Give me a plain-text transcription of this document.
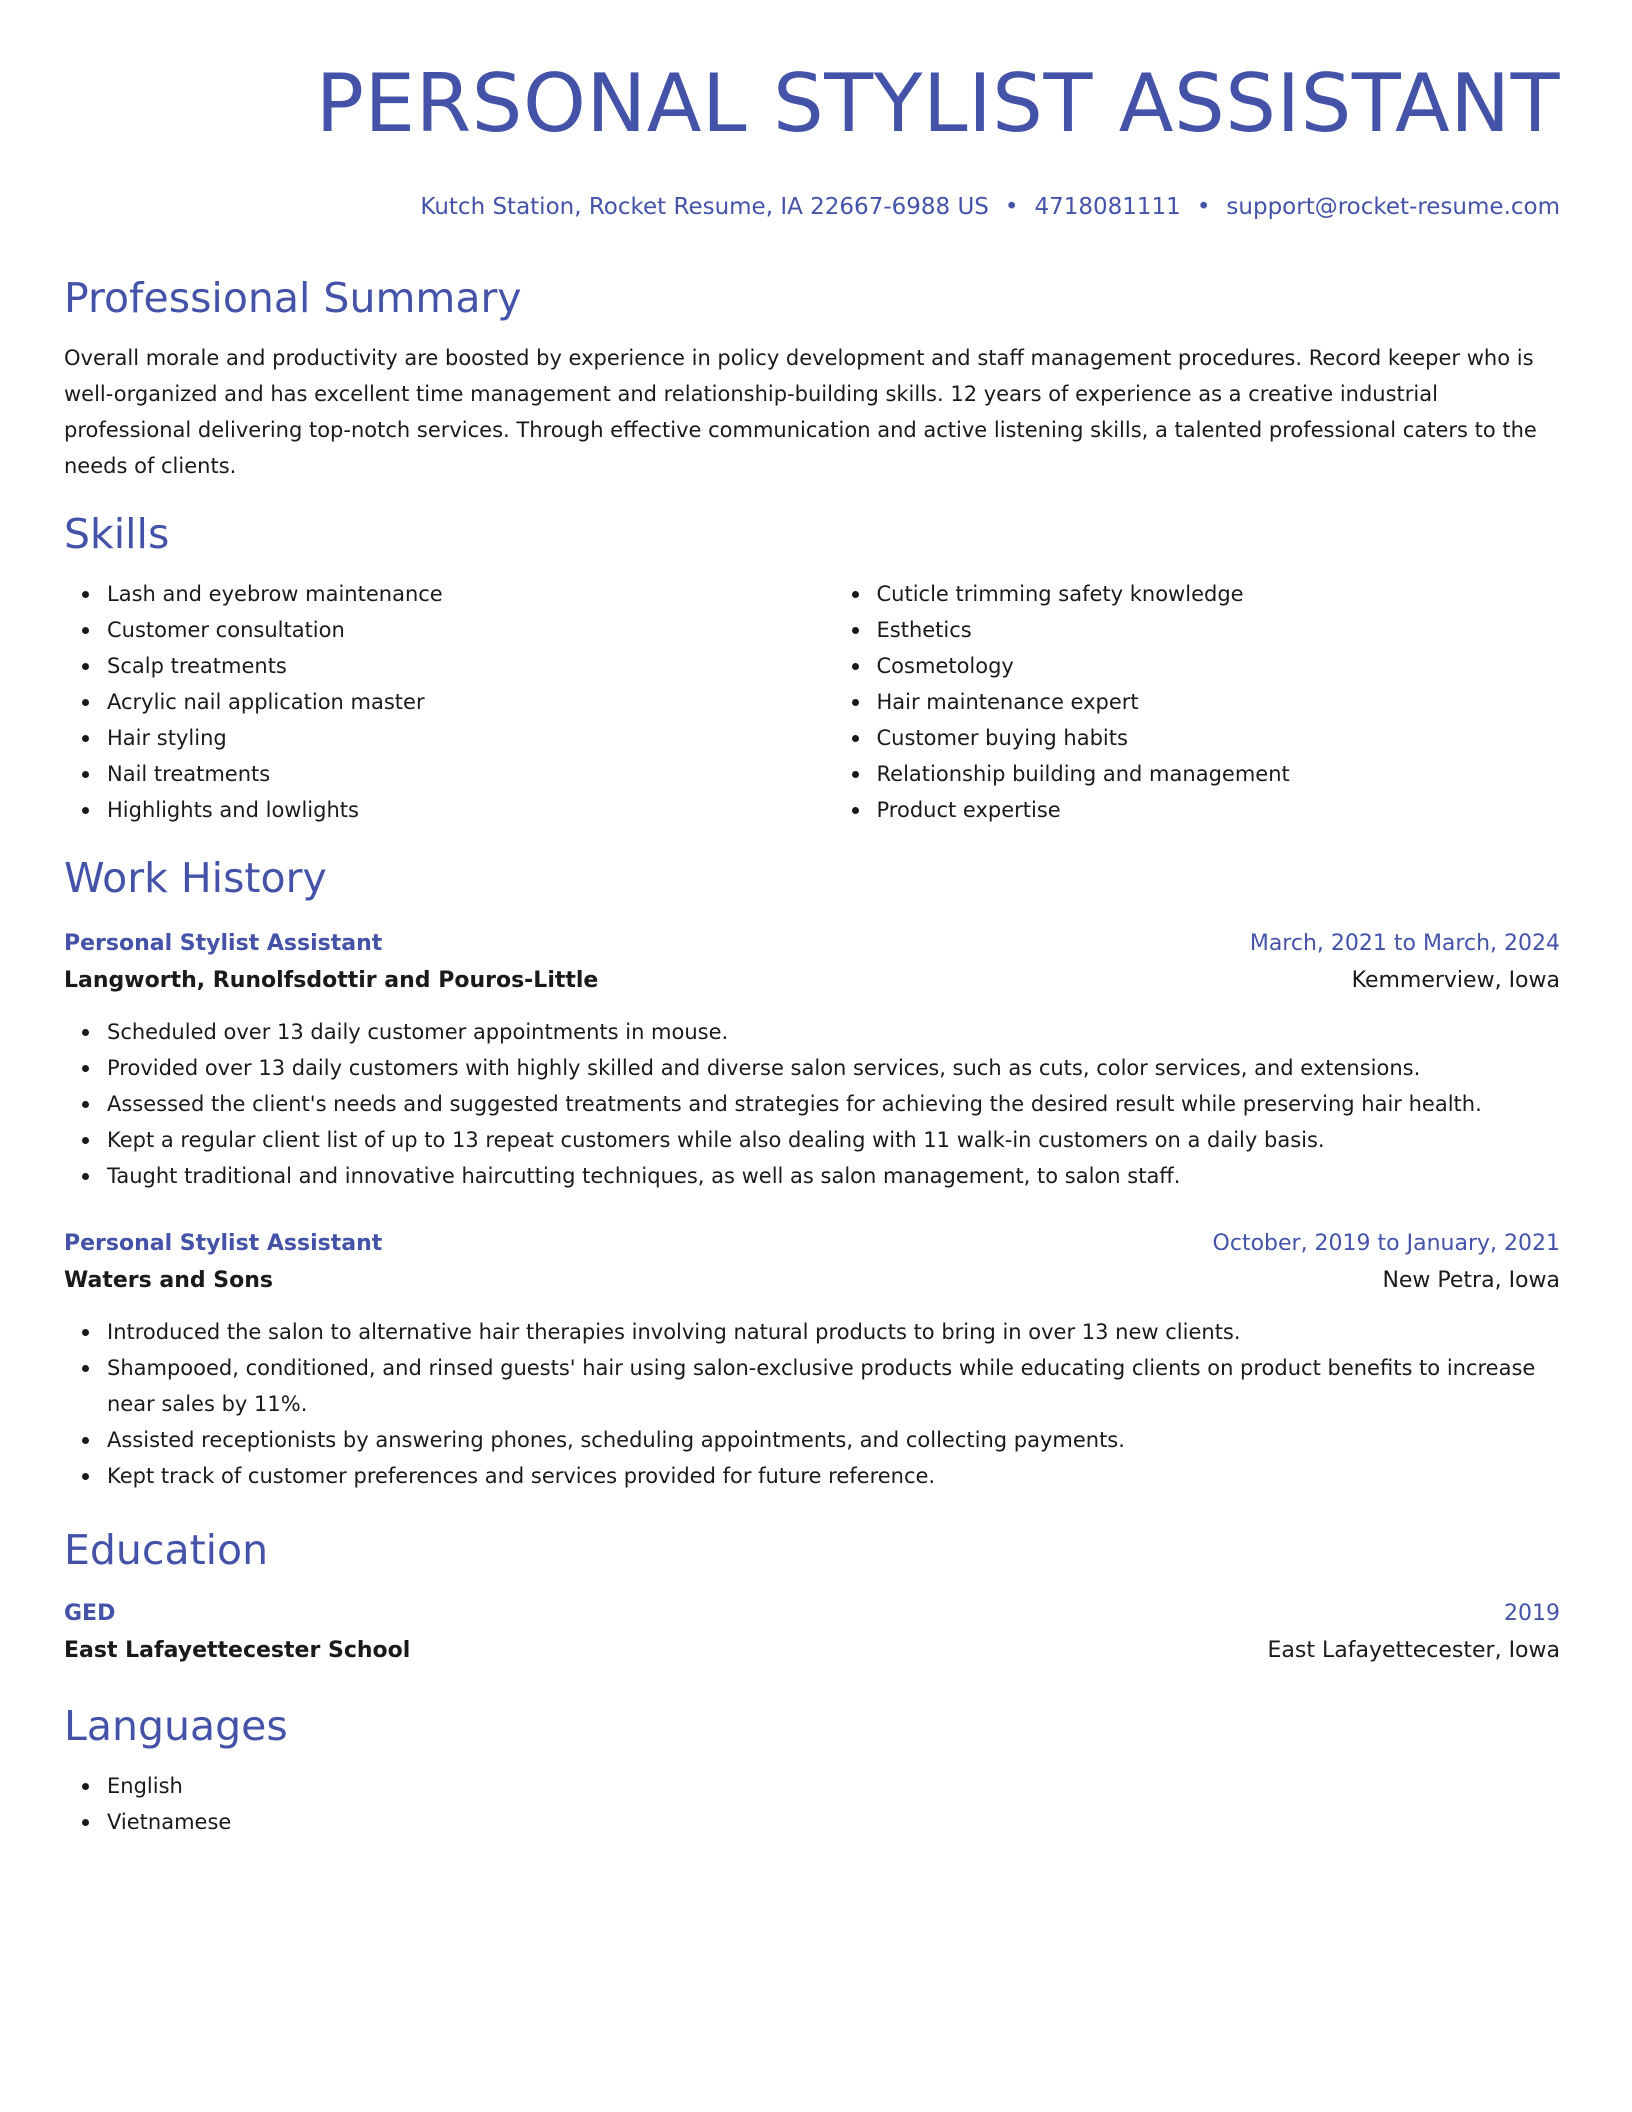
PERSONAL STYLIST ASSISTANT
Kutch Station, Rocket Resume, IA 22667-6988 US • 4718081111 • support@rocket-resume.com
Professional Summary
Overall morale and productivity are boosted by experience in policy development and staff management procedures. Record keeper who is well-organized and has excellent time management and relationship-building skills. 12 years of experience as a creative industrial professional delivering top-notch services. Through effective communication and active listening skills, a talented professional caters to the needs of clients.
Skills
Lash and eyebrow maintenance
Customer consultation
Scalp treatments
Acrylic nail application master
Hair styling
Nail treatments
Highlights and lowlights
Cuticle trimming safety knowledge
Esthetics
Cosmetology
Hair maintenance expert
Customer buying habits
Relationship building and management
Product expertise
Work History
Personal Stylist Assistant	March, 2021 to March, 2024
Langworth, Runolfsdottir and Pouros-Little	Kemmerview, Iowa
Scheduled over 13 daily customer appointments in mouse.
Provided over 13 daily customers with highly skilled and diverse salon services, such as cuts, color services, and extensions.
Assessed the client's needs and suggested treatments and strategies for achieving the desired result while preserving hair health.
Kept a regular client list of up to 13 repeat customers while also dealing with 11 walk-in customers on a daily basis.
Taught traditional and innovative haircutting techniques, as well as salon management, to salon staff.
Personal Stylist Assistant	October, 2019 to January, 2021
Waters and Sons	New Petra, Iowa
Introduced the salon to alternative hair therapies involving natural products to bring in over 13 new clients.
Shampooed, conditioned, and rinsed guests' hair using salon-exclusive products while educating clients on product benefits to increase near sales by 11%.
Assisted receptionists by answering phones, scheduling appointments, and collecting payments.
Kept track of customer preferences and services provided for future reference.
Education
GED	2019
East Lafayettecester School	East Lafayettecester, Iowa
Languages
English
Vietnamese
